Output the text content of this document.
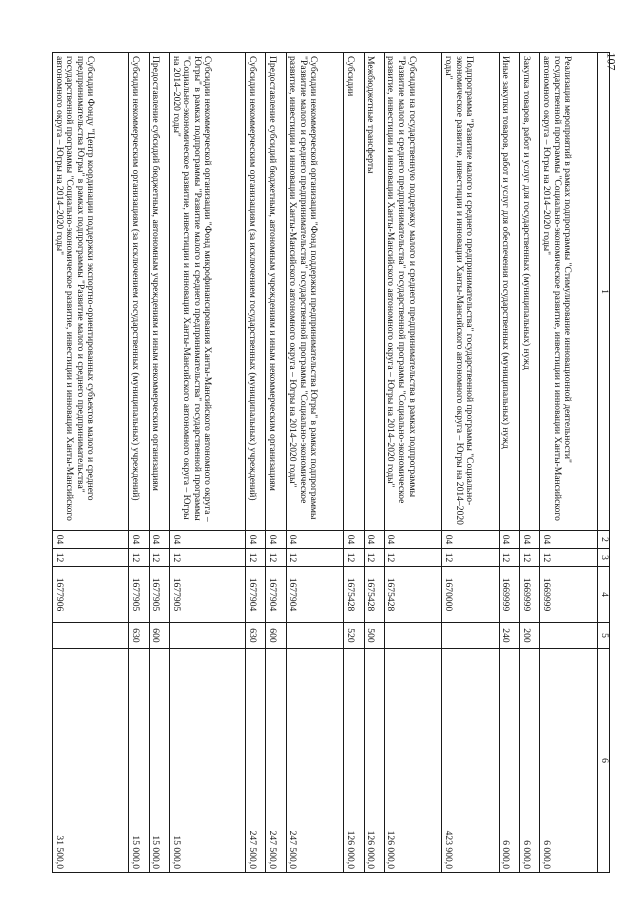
107
1	2	3	4	5	6
Реализация мероприятий в рамках подпрограммы "Стимулирование инновационной деятельности" государственной программы "Социально-экономическое развитие, инвестиции и инновации Ханты-Мансийского автономного округа – Югры на 2014–2020 годы"	04	12	1669999		6 000,0
Закупка товаров, работ и услуг для государственных (муниципальных) нужд	04	12	1669999	200	6 000,0
Иные закупки товаров, работ и услуг для обеспечения государственных (муниципальных) нужд	04	12	1669999	240	6 000,0
Подпрограмма "Развитие малого и среднего предпринимательства" государственной программы "Социально-экономическое развитие, инвестиции и инновации Ханты-Мансийского автономного округа – Югры на 2014–2020 годы"	04	12	1670000		423 900,0
Субсидии на государственную поддержку малого и среднего предпринимательства в рамках подпрограммы "Развитие малого и среднего предпринимательства" государственной программы "Социально-экономическое развитие, инвестиции и инновации Ханты-Мансийского автономного округа – Югры на 2014–2020 годы"	04	12	1675428		126 000,0
Межбюджетные трансферты	04	12	1675428	500	126 000,0
Субсидии	04	12	1675428	520	126 000,0
Субсидии некоммерческой организации "Фонд поддержки предпринимательства Югры" в рамках подпрограммы "Развитие малого и среднего предпринимательства" государственной программы "Социально-экономическое развитие, инвестиции и инновации Ханты-Мансийского автономного округа – Югры на 2014–2020 годы"	04	12	1677904		247 500,0
Предоставление субсидий бюджетным, автономным учреждениям и иным некоммерческим организациям	04	12	1677904	600	247 500,0
Субсидии некоммерческим организациям (за исключением государственных (муниципальных) учреждений)	04	12	1677904	630	247 500,0
Субсидии некоммерческой организации "Фонд микрофинансирования Ханты-Мансийского автономного округа – Югры" в рамках подпрограммы "Развитие малого и среднего предпринимательства" государственной программы "Социально-экономическое развитие, инвестиции и инновации Ханты-Мансийского автономного округа – Югры на 2014–2020 годы"	04	12	1677905		15 000,0
Предоставление субсидий бюджетным, автономным учреждениям и иным некоммерческим организациям	04	12	1677905	600	15 000,0
Субсидии некоммерческим организациям (за исключением государственных (муниципальных) учреждений)	04	12	1677905	630	15 000,0
Субсидии Фонду "Центр координации поддержки экспортно-ориентированных субъектов малого и среднего предпринимательства Югры" в рамках подпрограммы "Развитие малого и среднего предпринимательства" государственной программы "Социально-экономическое развитие, инвестиции и инновации Ханты-Мансийского автономного округа – Югры на 2014–2020 годы"	04	12	1677906		31 500,0
